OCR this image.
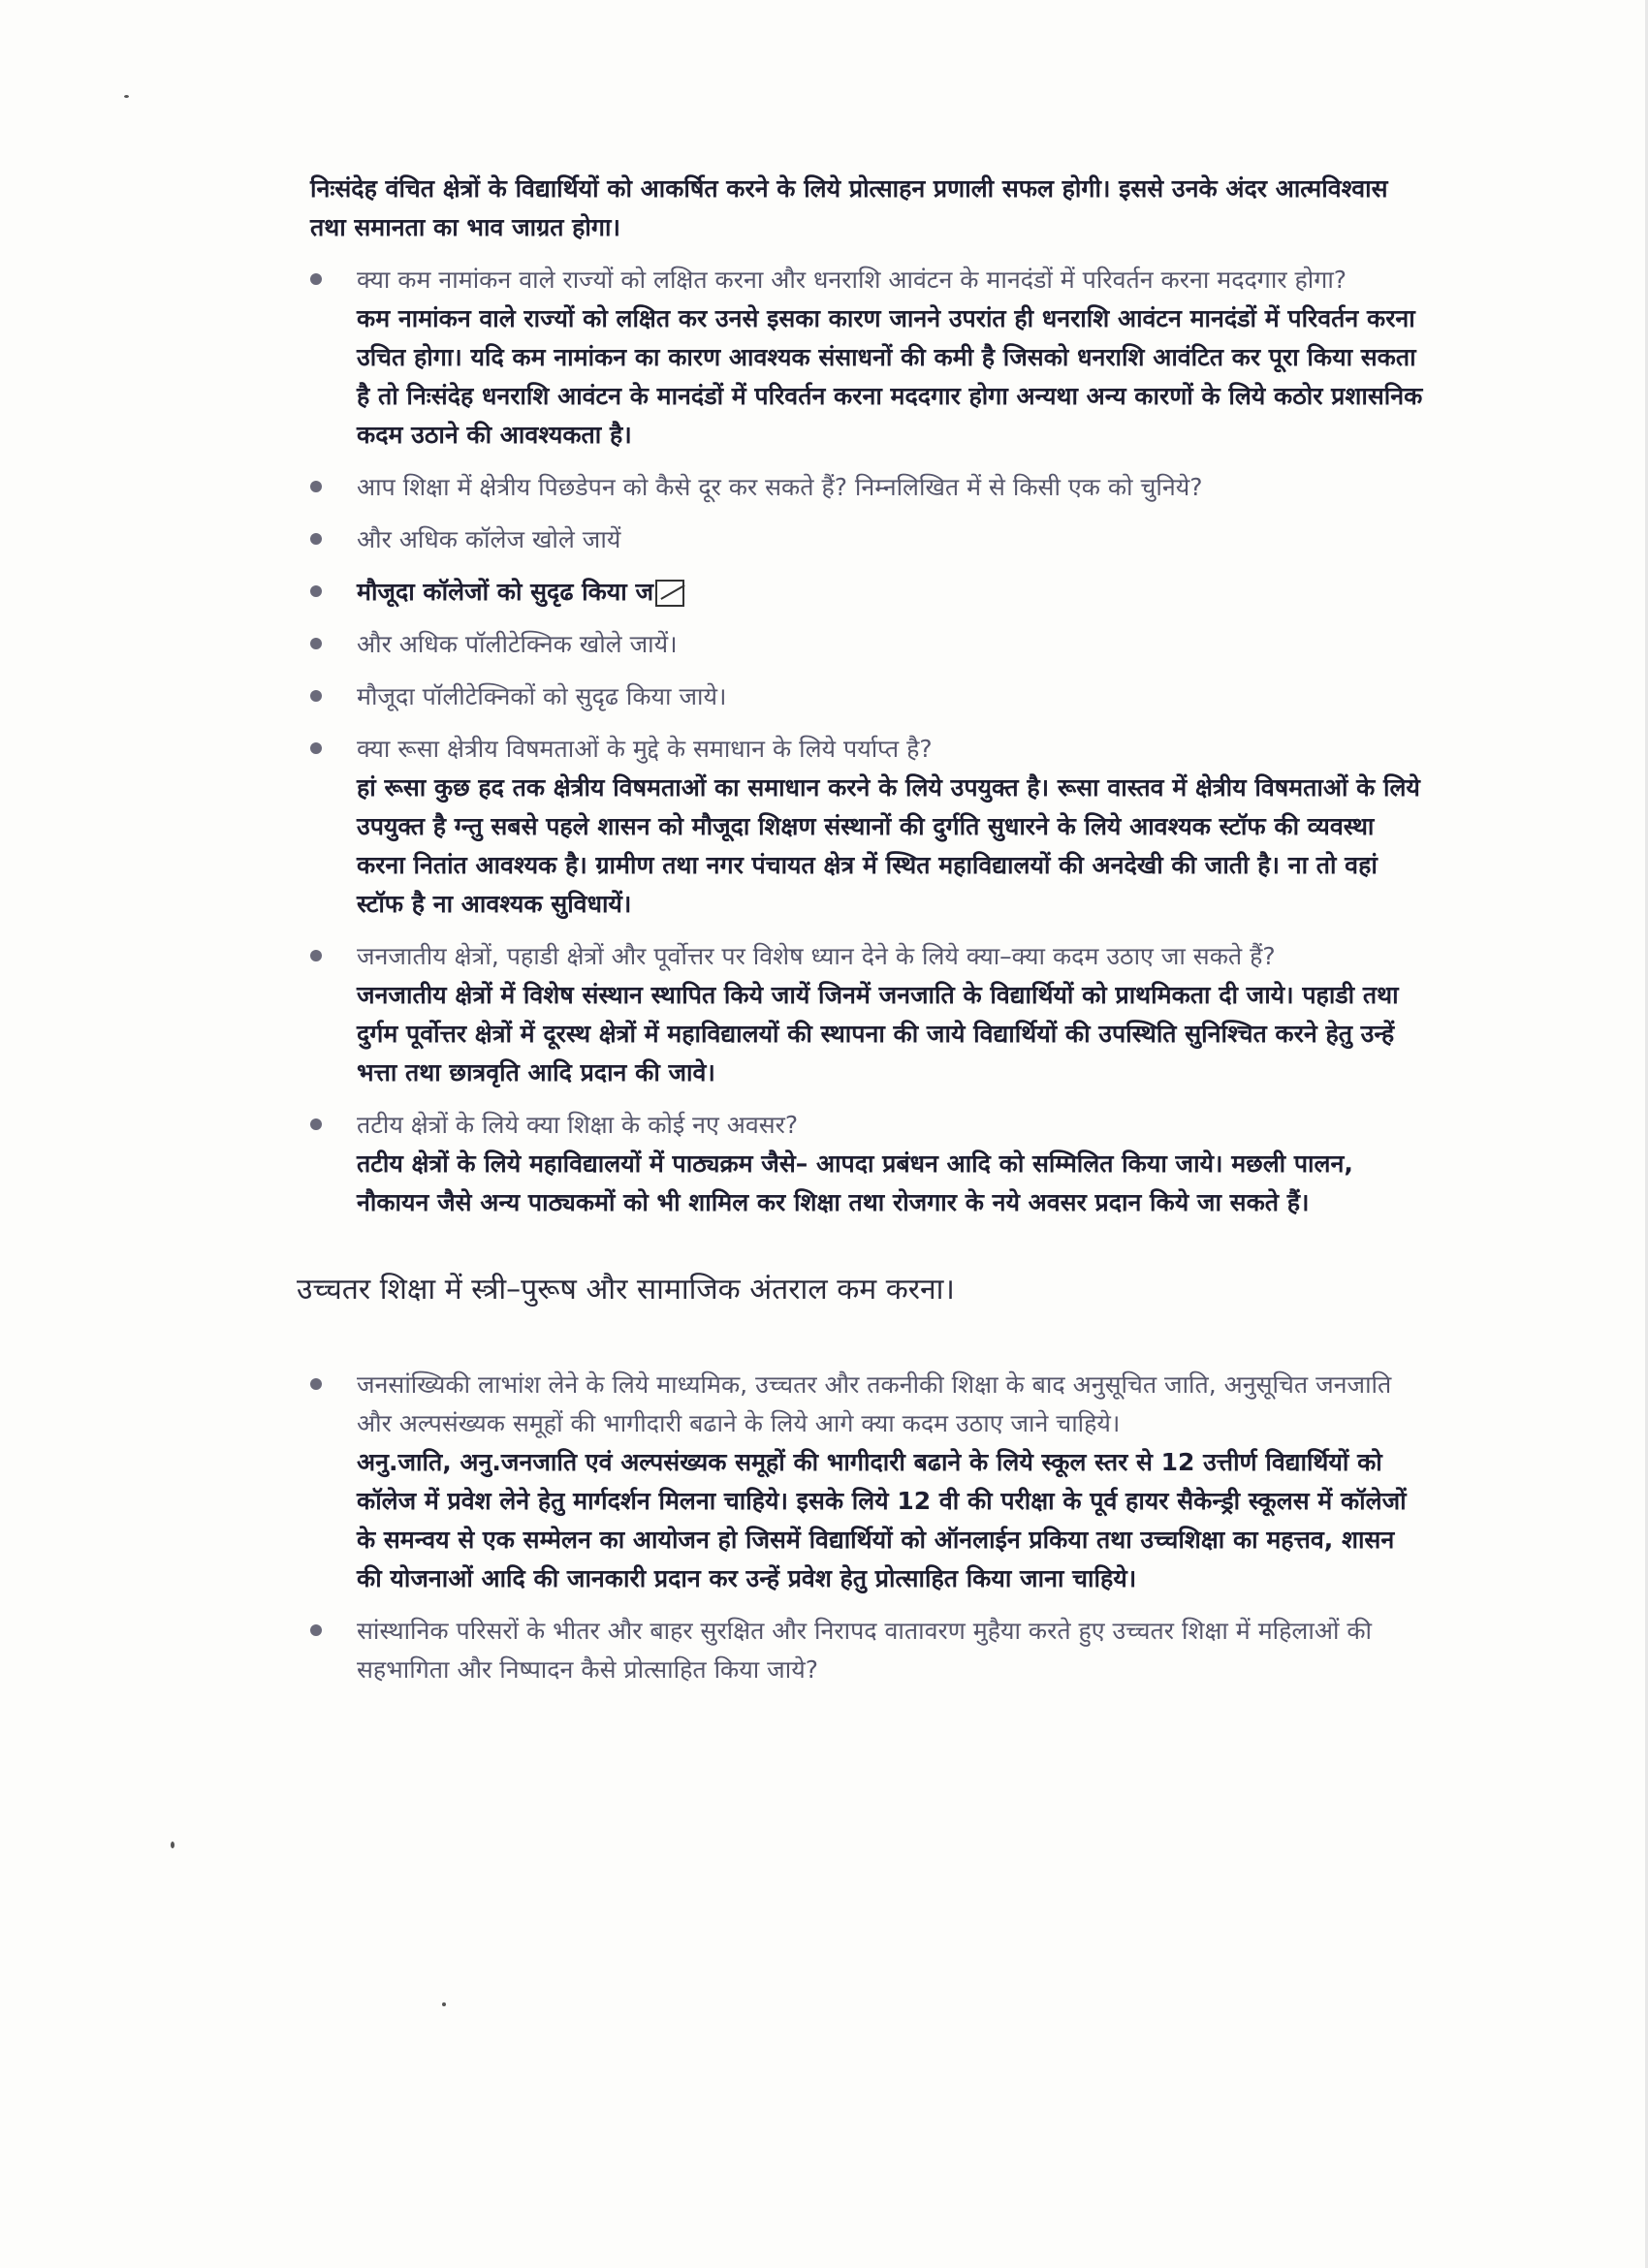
निःसंदेह वंचित क्षेत्रों के विद्यार्थियों को आकर्षित करने के लिये प्रोत्साहन प्रणाली सफल होगी। इससे उनके अंदर आत्मविश्वास तथा समानता का भाव जाग्रत होगा।

क्या कम नामांकन वाले राज्यों को लक्षित करना और धनराशि आवंटन के मानदंडों में परिवर्तन करना मददगार होगा?

कम नामांकन वाले राज्यों को लक्षित कर उनसे इसका कारण जानने उपरांत ही धनराशि आवंटन मानदंडों में परिवर्तन करना उचित होगा। यदि कम नामांकन का कारण आवश्यक संसाधनों की कमी है जिसको धनराशि आवंटित कर पूरा किया सकता है तो निःसंदेह धनराशि आवंटन के मानदंडों में परिवर्तन करना मददगार होगा अन्यथा अन्य कारणों के लिये कठोर प्रशासनिक कदम उठाने की आवश्यकता है।

आप शिक्षा में क्षेत्रीय पिछडेपन को कैसे दूर कर सकते हैं? निम्नलिखित में से किसी एक को चुनिये?

और अधिक कॉलेज खोले जायें

मौजूदा कॉलेजों को सुदृढ किया ज

और अधिक पॉलीटेक्निक खोले जायें।

मौजूदा पॉलीटेक्निकों को सुदृढ किया जाये।

क्या रूसा क्षेत्रीय विषमताओं के मुद्दे के समाधान के लिये पर्याप्त है?

हां रूसा कुछ हद तक क्षेत्रीय विषमताओं का समाधान करने के लिये उपयुक्त है। रूसा वास्तव में क्षेत्रीय विषमताओं के लिये उपयुक्त है ग्न्तु सबसे पहले शासन को मौजूदा शिक्षण संस्थानों की दुर्गति सुधारने के लिये आवश्यक स्टॉफ की व्यवस्था करना नितांत आवश्यक है। ग्रामीण तथा नगर पंचायत क्षेत्र में स्थित महाविद्यालयों की अनदेखी की जाती है। ना तो वहां स्टॉफ है ना आवश्यक सुविधायें।

जनजातीय क्षेत्रों, पहाडी क्षेत्रों और पूर्वोत्तर पर विशेष ध्यान देने के लिये क्या–क्या कदम उठाए जा सकते हैं?

जनजातीय क्षेत्रों में विशेष संस्थान स्थापित किये जायें जिनमें जनजाति के विद्यार्थियों को प्राथमिकता दी जाये। पहाडी तथा दुर्गम पूर्वोत्तर क्षेत्रों में दूरस्थ क्षेत्रों में महाविद्यालयों की स्थापना की जाये विद्यार्थियों की उपस्थिति सुनिश्चित करने हेतु उन्हें भत्ता तथा छात्रवृति आदि प्रदान की जावे।

तटीय क्षेत्रों के लिये क्या शिक्षा के कोई नए अवसर?

तटीय क्षेत्रों के लिये महाविद्यालयों में पाठ्यक्रम जैसे– आपदा प्रबंधन आदि को सम्मिलित किया जाये। मछली पालन, नौकायन जैसे अन्य पाठ्यकमों को भी शामिल कर शिक्षा तथा रोजगार के नये अवसर प्रदान किये जा सकते हैं।

उच्चतर शिक्षा में स्त्री–पुरूष और सामाजिक अंतराल कम करना।

जनसांख्यिकी लाभांश लेने के लिये माध्यमिक, उच्चतर और तकनीकी शिक्षा के बाद अनुसूचित जाति, अनुसूचित जनजाति और अल्पसंख्यक समूहों की भागीदारी बढाने के लिये आगे क्या कदम उठाए जाने चाहिये।

अनु.जाति, अनु.जनजाति एवं अल्पसंख्यक समूहों की भागीदारी बढाने के लिये स्कूल स्तर से 12 उत्तीर्ण विद्यार्थियों को कॉलेज में प्रवेश लेने हेतु मार्गदर्शन मिलना चाहिये। इसके लिये 12 वी की परीक्षा के पूर्व हायर सैकेन्ड्री स्कूलस में कॉलेजों के समन्वय से एक सम्मेलन का आयोजन हो जिसमें विद्यार्थियों को ऑनलाईन प्रकिया तथा उच्चशिक्षा का महत्तव, शासन की योजनाओं आदि की जानकारी प्रदान कर उन्हें प्रवेश हेतु प्रोत्साहित किया जाना चाहिये।

सांस्थानिक परिसरों के भीतर और बाहर सुरक्षित और निरापद वातावरण मुहैया करते हुए उच्चतर शिक्षा में महिलाओं की सहभागिता और निष्पादन कैसे प्रोत्साहित किया जाये?
